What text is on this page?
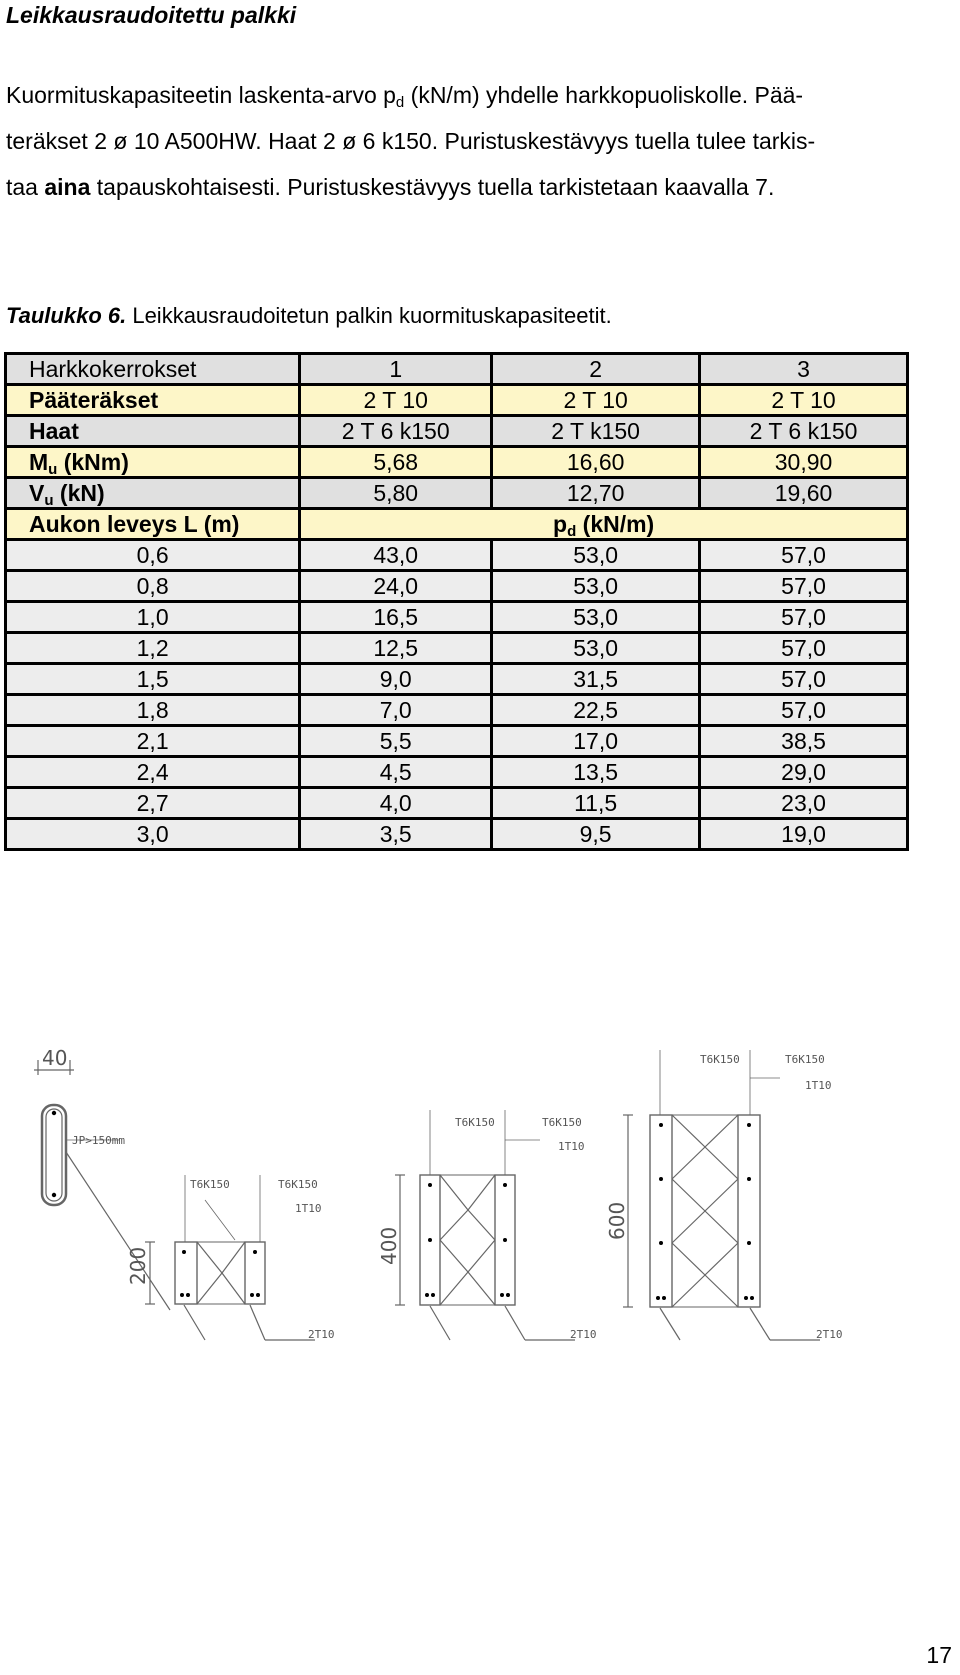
Leikkausraudoitettu palkki
Kuormituskapasiteetin laskenta-arvo $p_d$ (kN/m) yhdelle harkkopuoliskolle. Pää-
teräkset 2 ø 10 A500HW. Haat 2 ø 6 k150. Puristuskestävyys tuella tulee tarkis-
taa aina tapauskohtaisesti. Puristuskestävyys tuella tarkistetaan kaavalla 7.
Taulukko 6. Leikkausraudoitetun palkin kuormituskapasiteetit.
Harkkokerrokset	1	2	3
Pääteräkset	2 T 10	2 T 10	2 T 10
Haat	2 T 6 k150	2 T k150	2 T 6 k150
$M_u$ (kNm)	5,68	16,60	30,90
$V_u$ (kN)	5,80	12,70	19,60
Aukon leveys L (m)	$p_d$ (kN/m)		
0,6	43,0	53,0	57,0
0,8	24,0	53,0	57,0
1,0	16,5	53,0	57,0
1,2	12,5	53,0	57,0
1,5	9,0	31,5	57,0
1,8	7,0	22,5	57,0
2,1	5,5	17,0	38,5
2,4	4,5	13,5	29,0
2,7	4,0	11,5	23,0
3,0	3,5	9,5	19,0
40
JP>150mm
200
400
600
T6K150	T6K150
1T10
2T10
T6K150	T6K150
1T10
2T10
T6K150	T6K150
1T10
2T10
17
